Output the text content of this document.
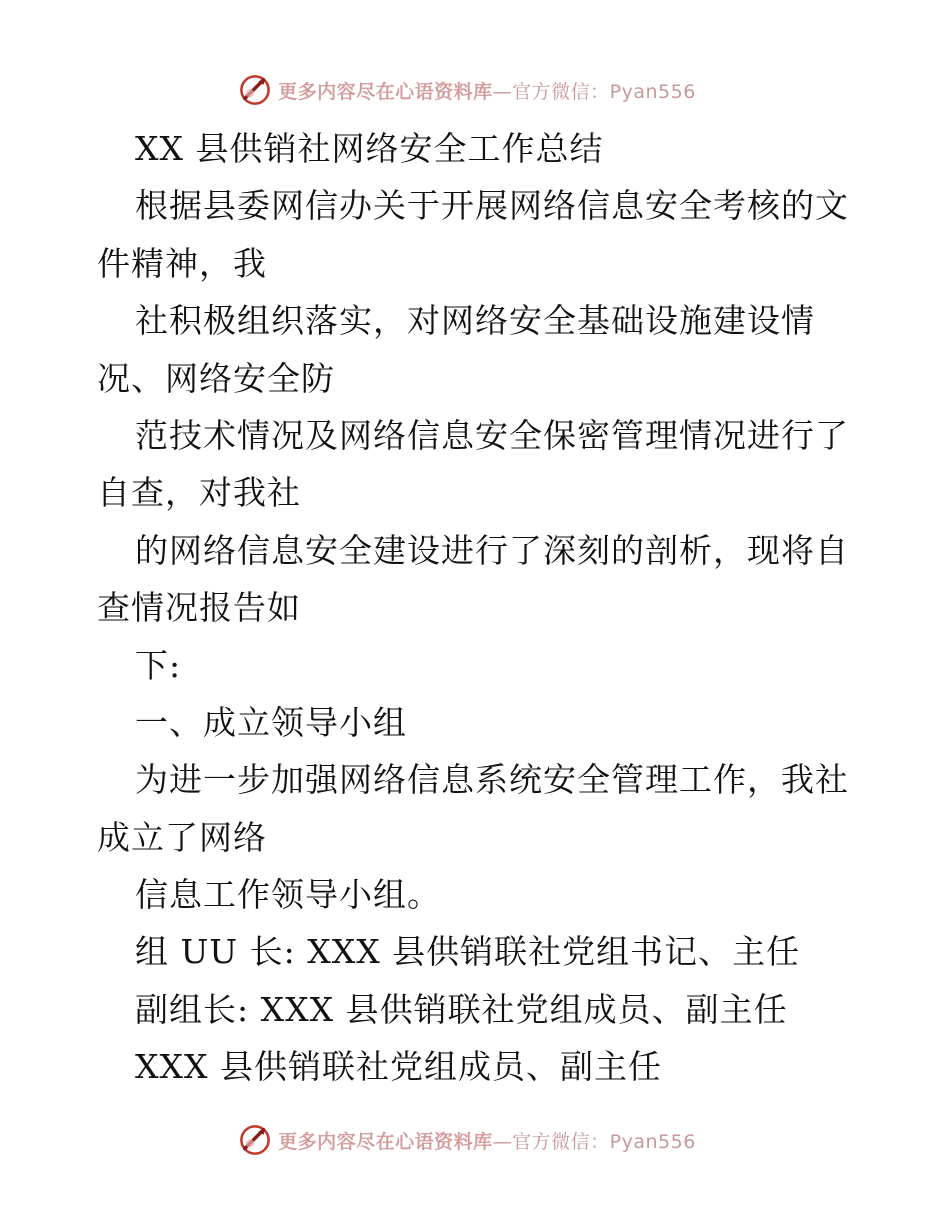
更多内容尽在心语资料库—官方微信：Pyan556
XX 县供销社网络安全工作总结
根据县委网信办关于开展网络信息安全考核的文
件精神，我
社积极组织落实，对网络安全基础设施建设情
况、网络安全防
范技术情况及网络信息安全保密管理情况进行了
自查，对我社
的网络信息安全建设进行了深刻的剖析，现将自
查情况报告如
下:
一、成立领导小组
为进一步加强网络信息系统安全管理工作，我社
成立了网络
信息工作领导小组。
组 UU 长: XXX 县供销联社党组书记、主任
副组长: XXX 县供销联社党组成员、副主任
XXX 县供销联社党组成员、副主任
更多内容尽在心语资料库—官方微信：Pyan556
